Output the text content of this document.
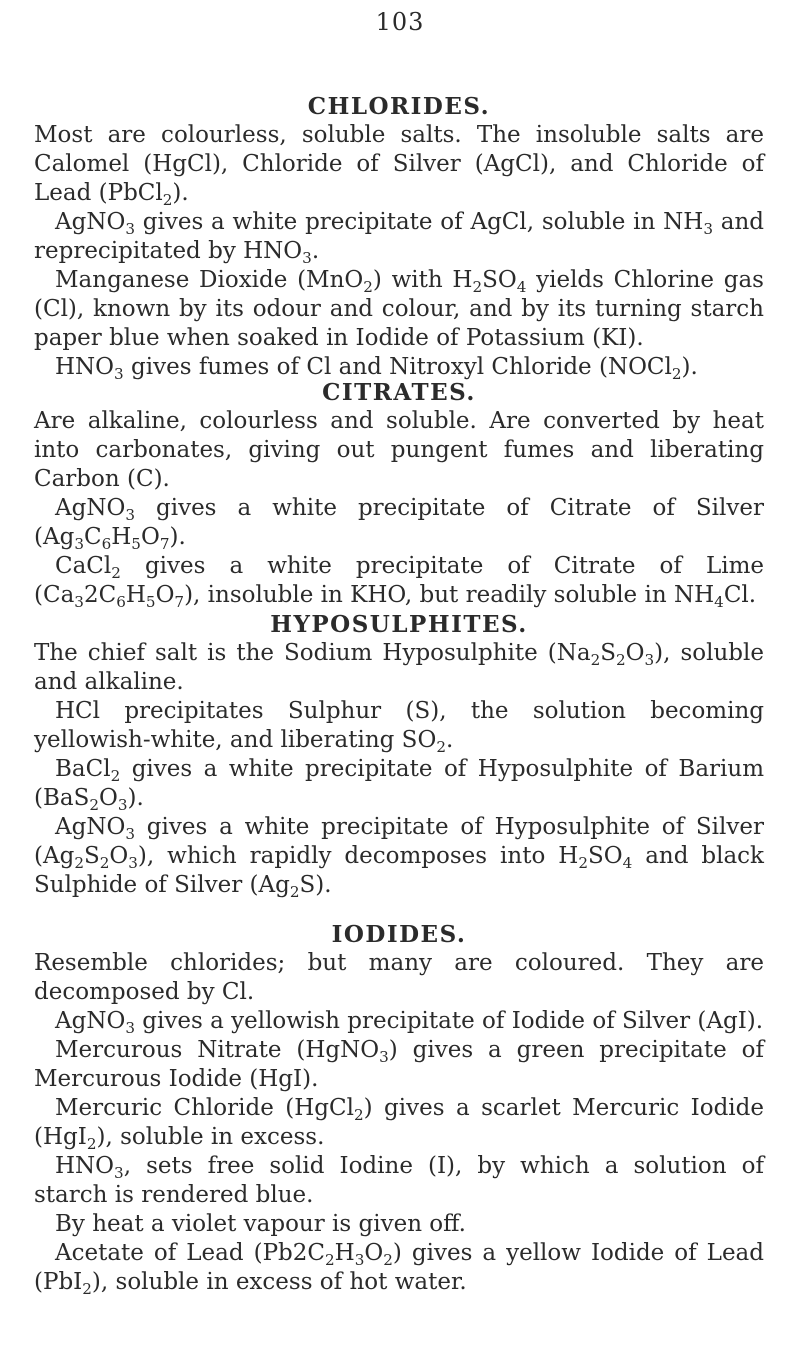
103
CHLORIDES.

Most are colourless, soluble salts. The insoluble salts are Calomel (HgCl), Chloride of Silver (AgCl), and Chloride of Lead (PbCl$_2$).

AgNO$_3$ gives a white precipitate of AgCl, soluble in $NH_3$ and reprecipitated by $HNO_3$.

Manganese Dioxide (MnO$_2$) with $H_2SO_4$ yields Chlorine gas (Cl), known by its odour and colour, and by its turning starch paper blue when soaked in Iodide of Potassium (KI).

$HNO_3$ gives fumes of Cl and Nitroxyl Chloride (NOCl$_2$).

CITRATES.

Are alkaline, colourless and soluble. Are converted by heat into carbonates, giving out pungent fumes and liberating Carbon (C).

AgNO$_3$ gives a white precipitate of Citrate of Silver $(Ag_3C_6H_5O_7)$.

CaCl$_2$ gives a white precipitate of Citrate of Lime $(Ca_32C_6H_5O_7)$, insoluble in KHO, but readily soluble in $NH_4Cl$.

HYPOSULPHITES.

The chief salt is the Sodium Hyposulphite $(Na_2S_2O_3)$, soluble and alkaline.

HCl precipitates Sulphur (S), the solution becoming yellowish-white, and liberating $SO_2$.

BaCl$_2$ gives a white precipitate of Hyposulphite of Barium $(BaS_2O_3)$.

AgNO$_3$ gives a white precipitate of Hyposulphite of Silver $(Ag_2S_2O_3)$, which rapidly decomposes into $H_2SO_4$ and black Sulphide of Silver $(Ag_2S)$.

IODIDES.

Resemble chlorides; but many are coloured. They are decomposed by Cl.

AgNO$_3$ gives a yellowish precipitate of Iodide of Silver (AgI).

Mercurous Nitrate (HgNO$_3$) gives a green precipitate of Mercurous Iodide (HgI).

Mercuric Chloride (HgCl$_2$) gives a scarlet Mercuric Iodide (HgI$_2$), soluble in excess.

$HNO_3$, sets free solid Iodine (I), by which a solution of starch is rendered blue.

By heat a violet vapour is given off.

Acetate of Lead $(Pb2C_2H_3O_2)$ gives a yellow Iodide of Lead (PbI$_2$), soluble in excess of hot water.
